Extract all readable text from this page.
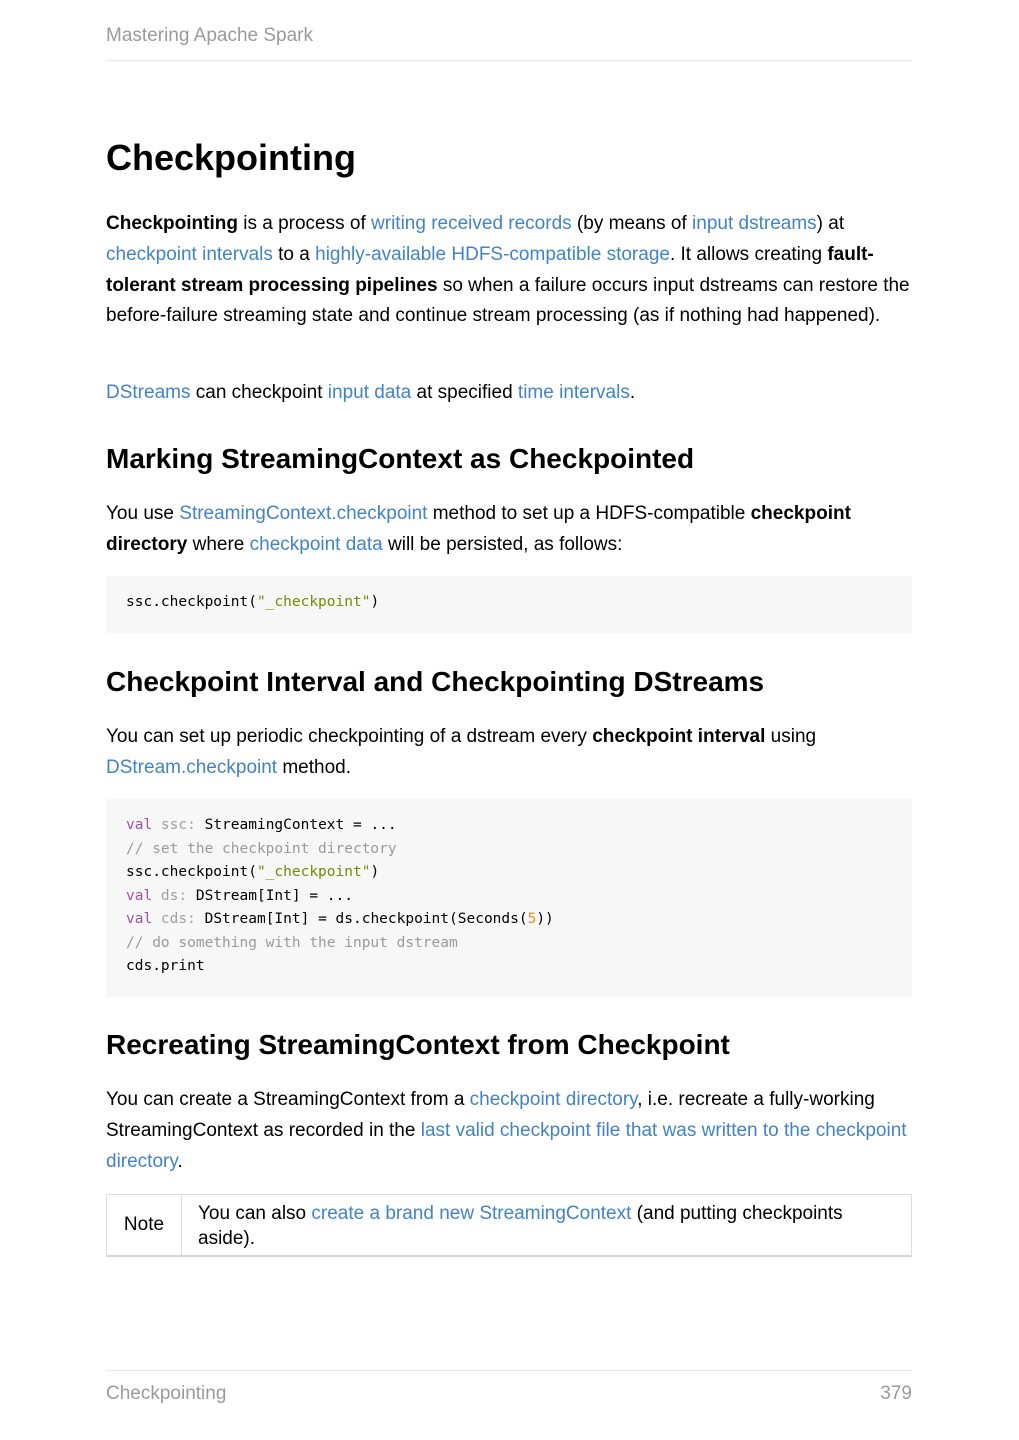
Mastering Apache Spark
Checkpointing

Checkpointing is a process of writing received records (by means of input dstreams) at checkpoint intervals to a highly-available HDFS-compatible storage. It allows creating fault-tolerant stream processing pipelines so when a failure occurs input dstreams can restore the before-failure streaming state and continue stream processing (as if nothing had happened).

DStreams can checkpoint input data at specified time intervals.

Marking StreamingContext as Checkpointed

You use StreamingContext.checkpoint method to set up a HDFS-compatible checkpoint directory where checkpoint data will be persisted, as follows:

ssc.checkpoint("_checkpoint")
Checkpoint Interval and Checkpointing DStreams

You can set up periodic checkpointing of a dstream every checkpoint interval using DStream.checkpoint method.

val ssc: StreamingContext = ...
// set the checkpoint directory
ssc.checkpoint("_checkpoint")
val ds: DStream[Int] = ...
val cds: DStream[Int] = ds.checkpoint(Seconds(5))
// do something with the input dstream
cds.print
Recreating StreamingContext from Checkpoint

You can create a StreamingContext from a checkpoint directory, i.e. recreate a fully-working StreamingContext as recorded in the last valid checkpoint file that was written to the checkpoint directory.

Note
You can also create a brand new StreamingContext (and putting checkpoints aside).
Checkpointing	379
